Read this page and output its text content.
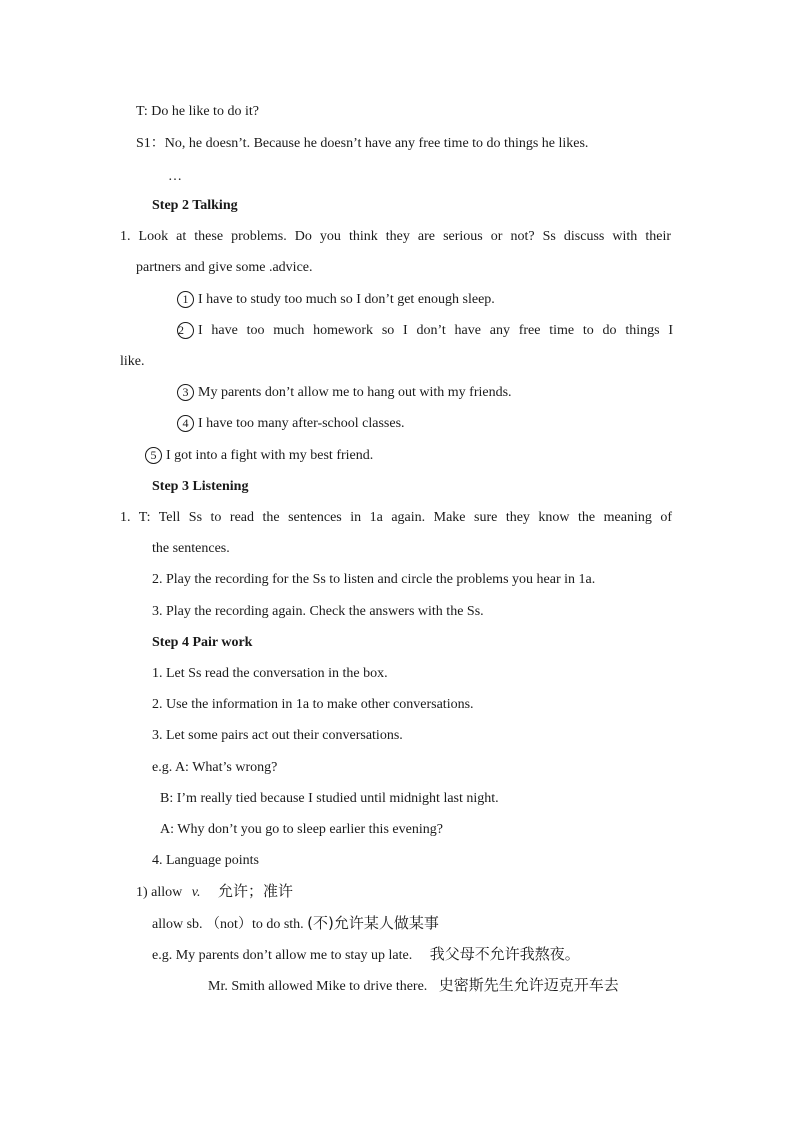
T: Do he like to do it?
S1：No, he doesn’t. Because he doesn’t have any free time to do things he likes.
…
Step 2 Talking
1. Look at these problems. Do you think they are serious or not? Ss discuss with their
partners and give some .advice.
1 I have to study too much so I don’t get enough sleep.
2 I have too much homework so I don’t have any free time to do things I
like.
3 My parents don’t allow me to hang out with my friends.
4 I have too many after-school classes.
5 I got into a fight with my best friend.
Step 3 Listening
1. T: Tell Ss to read the sentences in 1a again. Make sure they know the meaning of
the sentences.
2. Play the recording for the Ss to listen and circle the problems you hear in 1a.
3. Play the recording again. Check the answers with the Ss.
Step 4 Pair work
1. Let Ss read the conversation in the box.
2. Use the information in 1a to make other conversations.
3. Let some pairs act out their conversations.
e.g. A: What’s wrong?
B: I’m really tied because I studied until midnight last night.
A: Why don’t you go to sleep earlier this evening?
4. Language points
1) allow v. 允许；准许
allow sb. （not）to do sth. (不)允许某人做某事
e.g. My parents don’t allow me to stay up late. 我父母不允许我熬夜。
Mr. Smith allowed Mike to drive there. 史密斯先生允许迈克开车去
